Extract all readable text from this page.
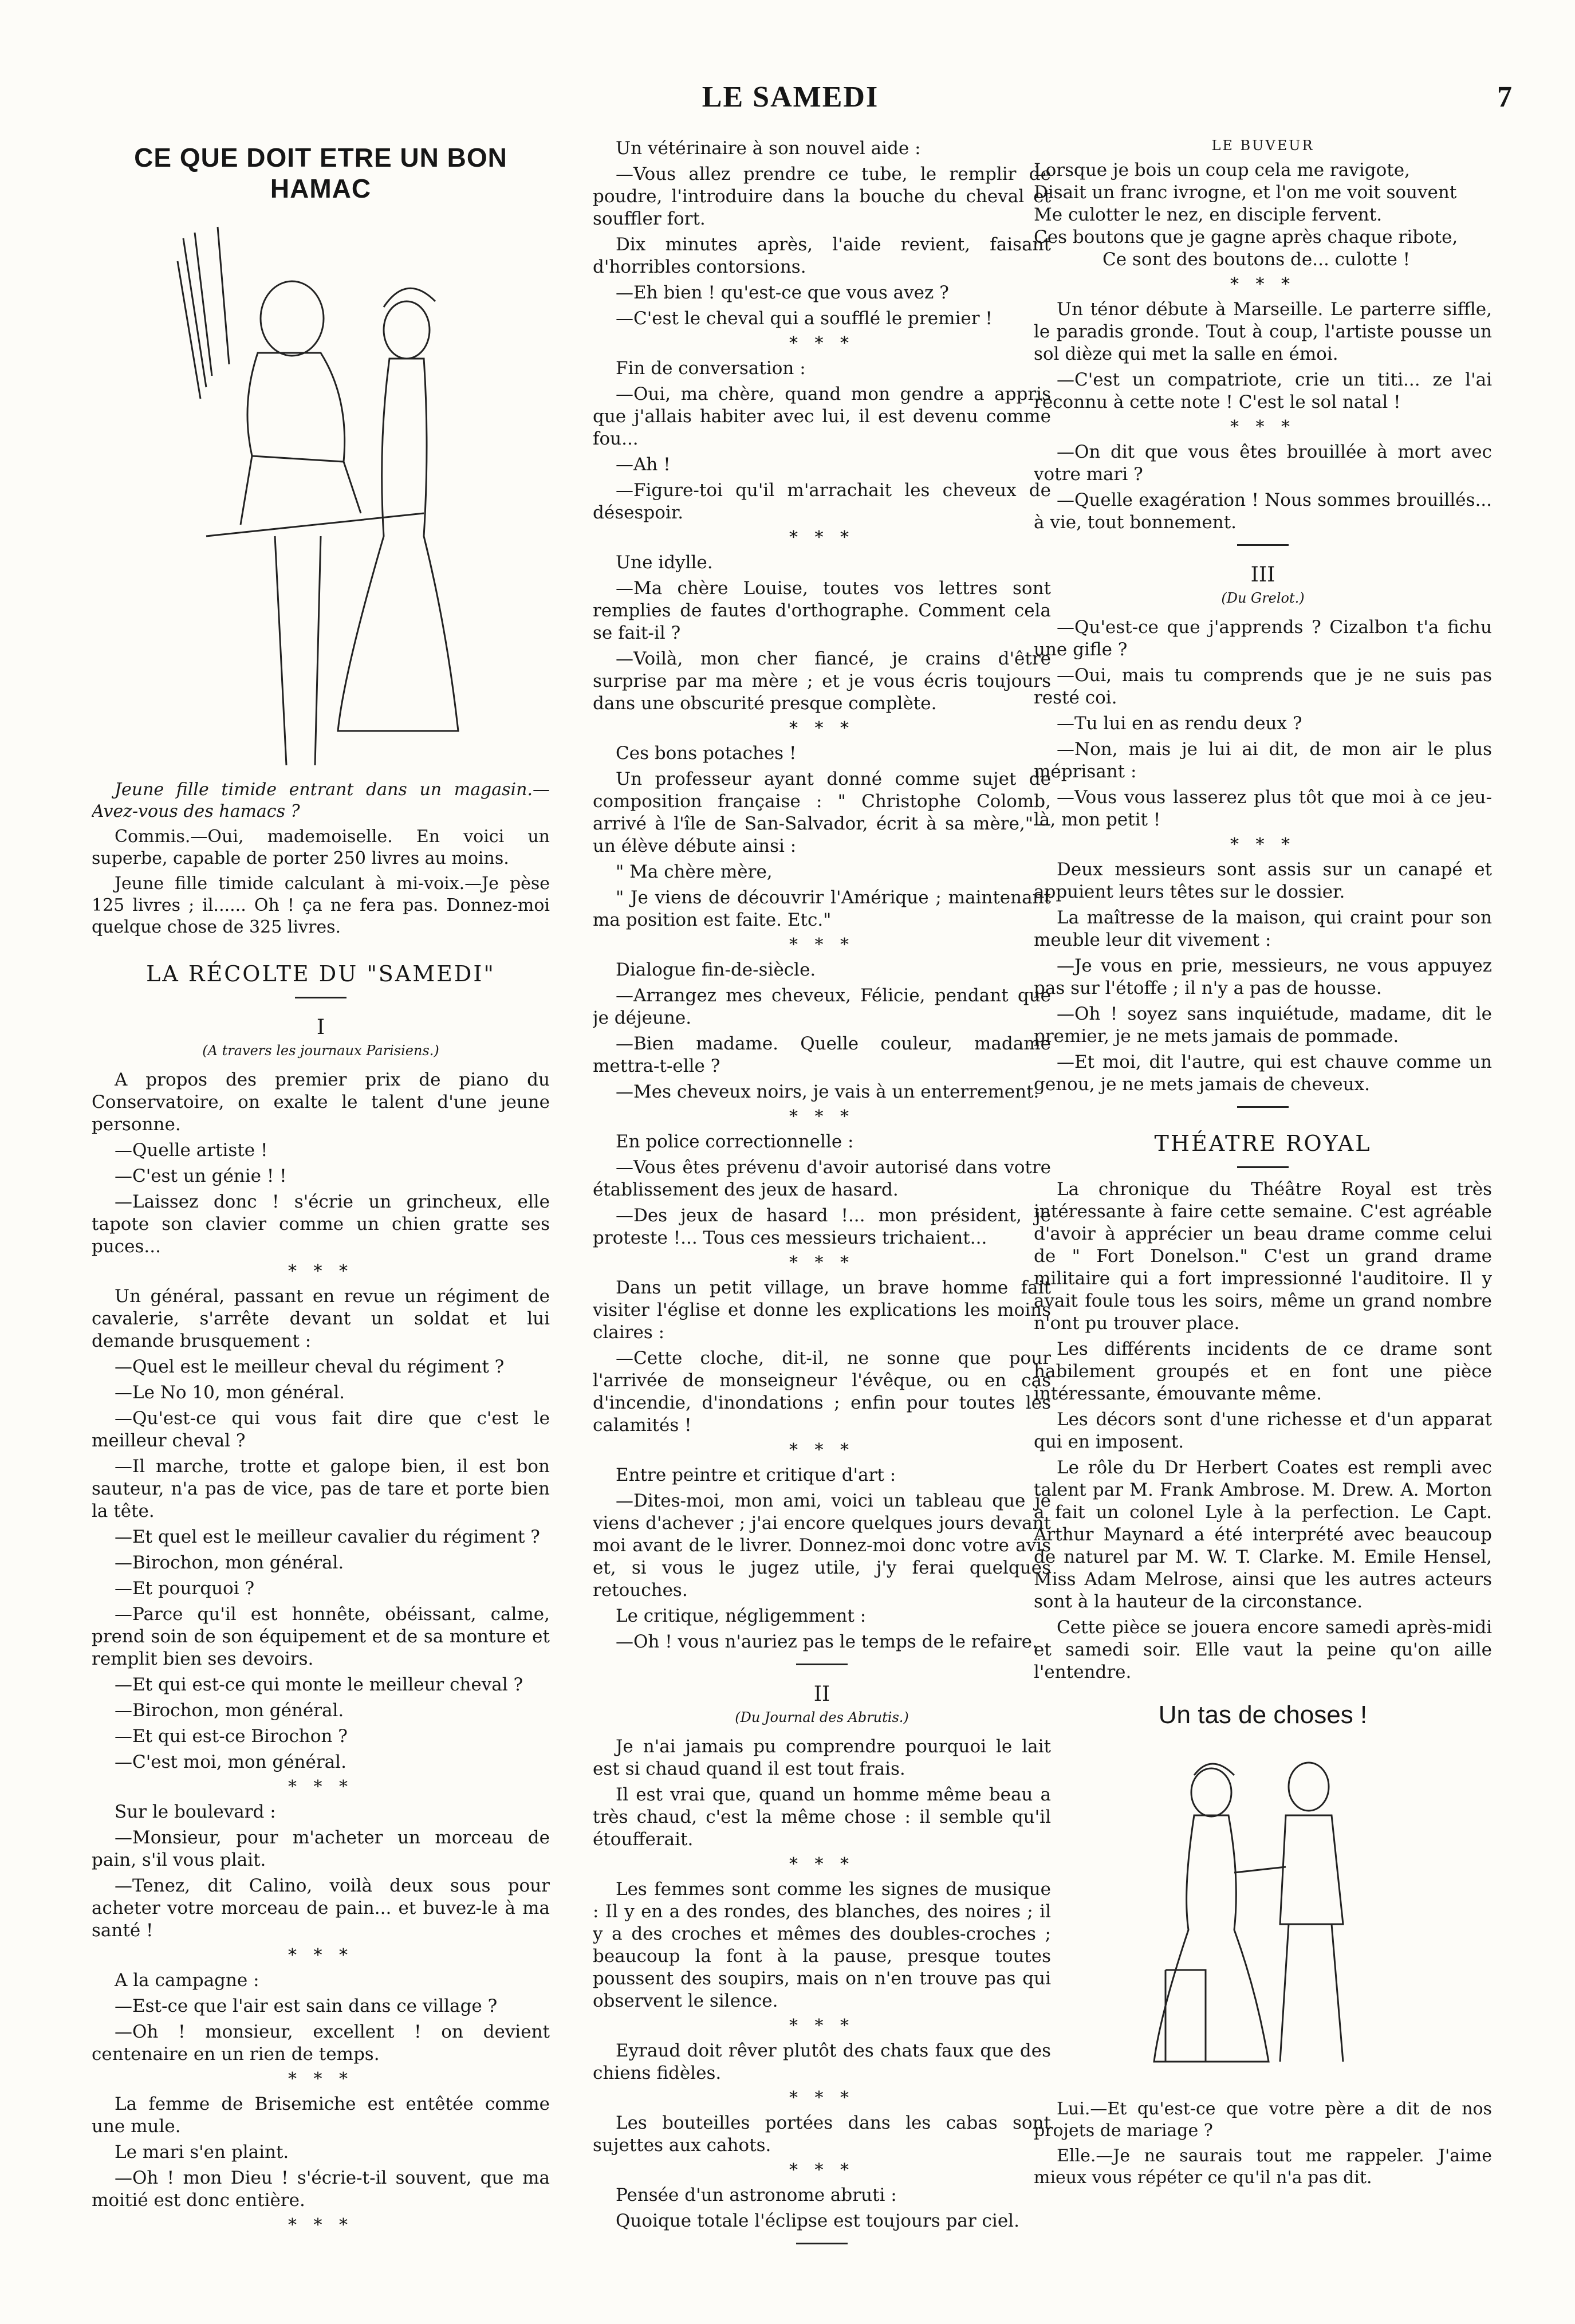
LE SAMEDI	7
CE QUE DOIT ETRE UN BON HAMAC

Jeune fille timide entrant dans un magasin.— Avez-vous des hamacs ?

Commis.—Oui, mademoiselle. En voici un superbe, capable de porter 250 livres au moins.

Jeune fille timide calculant à mi-voix.—Je pèse 125 livres ; il...... Oh ! ça ne fera pas. Donnez-moi quelque chose de 325 livres.

LA RÉCOLTE DU "SAMEDI"
I
(A travers les journaux Parisiens.)

A propos des premier prix de piano du Conservatoire, on exalte le talent d'une jeune personne.

—Quelle artiste !

—C'est un génie ! !

—Laissez donc ! s'écrie un grincheux, elle tapote son clavier comme un chien gratte ses puces...

* * *

Un général, passant en revue un régiment de cavalerie, s'arrête devant un soldat et lui demande brusquement :

—Quel est le meilleur cheval du régiment ?

—Le No 10, mon général.

—Qu'est-ce qui vous fait dire que c'est le meilleur cheval ?

—Il marche, trotte et galope bien, il est bon sauteur, n'a pas de vice, pas de tare et porte bien la tête.

—Et quel est le meilleur cavalier du régiment ?

—Birochon, mon général.

—Et pourquoi ?

—Parce qu'il est honnête, obéissant, calme, prend soin de son équipement et de sa monture et remplit bien ses devoirs.

—Et qui est-ce qui monte le meilleur cheval ?

—Birochon, mon général.

—Et qui est-ce Birochon ?

—C'est moi, mon général.

* * *

Sur le boulevard :

—Monsieur, pour m'acheter un morceau de pain, s'il vous plait.

—Tenez, dit Calino, voilà deux sous pour acheter votre morceau de pain... et buvez-le à ma santé !

* * *

A la campagne :

—Est-ce que l'air est sain dans ce village ?

—Oh ! monsieur, excellent ! on devient centenaire en un rien de temps.

* * *

La femme de Brisemiche est entêtée comme une mule.

Le mari s'en plaint.

—Oh ! mon Dieu ! s'écrie-t-il souvent, que ma moitié est donc entière.

* * *

Un vétérinaire à son nouvel aide :

—Vous allez prendre ce tube, le remplir de poudre, l'introduire dans la bouche du cheval et souffler fort.

Dix minutes après, l'aide revient, faisant d'horribles contorsions.

—Eh bien ! qu'est-ce que vous avez ?

—C'est le cheval qui a soufflé le premier !

* * *

Fin de conversation :

—Oui, ma chère, quand mon gendre a appris que j'allais habiter avec lui, il est devenu comme fou...

—Ah !

—Figure-toi qu'il m'arrachait les cheveux de désespoir.

* * *

Une idylle.

—Ma chère Louise, toutes vos lettres sont remplies de fautes d'orthographe. Comment cela se fait-il ?

—Voilà, mon cher fiancé, je crains d'être surprise par ma mère ; et je vous écris toujours dans une obscurité presque complète.

* * *

Ces bons potaches !

Un professeur ayant donné comme sujet de composition française : " Christophe Colomb, arrivé à l'île de San-Salvador, écrit à sa mère,"— un élève débute ainsi :

" Ma chère mère,

" Je viens de découvrir l'Amérique ; maintenant ma position est faite. Etc."

* * *

Dialogue fin-de-siècle.

—Arrangez mes cheveux, Félicie, pendant que je déjeune.

—Bien madame. Quelle couleur, madame mettra-t-elle ?

—Mes cheveux noirs, je vais à un enterrement.

* * *

En police correctionnelle :

—Vous êtes prévenu d'avoir autorisé dans votre établissement des jeux de hasard.

—Des jeux de hasard !... mon président, je proteste !... Tous ces messieurs trichaient...

* * *

Dans un petit village, un brave homme fait visiter l'église et donne les explications les moins claires :

—Cette cloche, dit-il, ne sonne que pour l'arrivée de monseigneur l'évêque, ou en cas d'incendie, d'inondations ; enfin pour toutes les calamités !

* * *

Entre peintre et critique d'art :

—Dites-moi, mon ami, voici un tableau que je viens d'achever ; j'ai encore quelques jours devant moi avant de le livrer. Donnez-moi donc votre avis et, si vous le jugez utile, j'y ferai quelques retouches.

Le critique, négligemment :

—Oh ! vous n'auriez pas le temps de le refaire.

II
(Du Journal des Abrutis.)

Je n'ai jamais pu comprendre pourquoi le lait est si chaud quand il est tout frais.

Il est vrai que, quand un homme même beau a très chaud, c'est la même chose : il semble qu'il étoufferait.

* * *

Les femmes sont comme les signes de musique : Il y en a des rondes, des blanches, des noires ; il y a des croches et mêmes des doubles-croches ; beaucoup la font à la pause, presque toutes poussent des soupirs, mais on n'en trouve pas qui observent le silence.

* * *

Eyraud doit rêver plutôt des chats faux que des chiens fidèles.

* * *

Les bouteilles portées dans les cabas sont sujettes aux cahots.

* * *

Pensée d'un astronome abruti :

Quoique totale l'éclipse est toujours par ciel.

LE BUVEUR

Lorsque je bois un coup cela me ravigote,

Disait un franc ivrogne, et l'on me voit souvent

Me culotter le nez, en disciple fervent.

Ces boutons que je gagne après chaque ribote,

Ce sont des boutons de... culotte !

* * *

Un ténor débute à Marseille. Le parterre siffle, le paradis gronde. Tout à coup, l'artiste pousse un sol dièze qui met la salle en émoi.

—C'est un compatriote, crie un titi... ze l'ai reconnu à cette note ! C'est le sol natal !

* * *

—On dit que vous êtes brouillée à mort avec votre mari ?

—Quelle exagération ! Nous sommes brouillés... à vie, tout bonnement.

III
(Du Grelot.)

—Qu'est-ce que j'apprends ? Cizalbon t'a fichu une gifle ?

—Oui, mais tu comprends que je ne suis pas resté coi.

—Tu lui en as rendu deux ?

—Non, mais je lui ai dit, de mon air le plus méprisant :

—Vous vous lasserez plus tôt que moi à ce jeu-là, mon petit !

* * *

Deux messieurs sont assis sur un canapé et appuient leurs têtes sur le dossier.

La maîtresse de la maison, qui craint pour son meuble leur dit vivement :

—Je vous en prie, messieurs, ne vous appuyez pas sur l'étoffe ; il n'y a pas de housse.

—Oh ! soyez sans inquiétude, madame, dit le premier, je ne mets jamais de pommade.

—Et moi, dit l'autre, qui est chauve comme un genou, je ne mets jamais de cheveux.

THÉATRE ROYAL

La chronique du Théâtre Royal est très intéressante à faire cette semaine. C'est agréable d'avoir à apprécier un beau drame comme celui de " Fort Donelson." C'est un grand drame militaire qui a fort impressionné l'auditoire. Il y avait foule tous les soirs, même un grand nombre n'ont pu trouver place.

Les différents incidents de ce drame sont habilement groupés et en font une pièce intéressante, émouvante même.

Les décors sont d'une richesse et d'un apparat qui en imposent.

Le rôle du Dr Herbert Coates est rempli avec talent par M. Frank Ambrose. M. Drew. A. Morton a fait un colonel Lyle à la perfection. Le Capt. Arthur Maynard a été interprété avec beaucoup de naturel par M. W. T. Clarke. M. Emile Hensel, Miss Adam Melrose, ainsi que les autres acteurs sont à la hauteur de la circonstance.

Cette pièce se jouera encore samedi après-midi et samedi soir. Elle vaut la peine qu'on aille l'entendre.

Un tas de choses !

Lui.—Et qu'est-ce que votre père a dit de nos projets de mariage ?

Elle.—Je ne saurais tout me rappeler. J'aime mieux vous répéter ce qu'il n'a pas dit.
